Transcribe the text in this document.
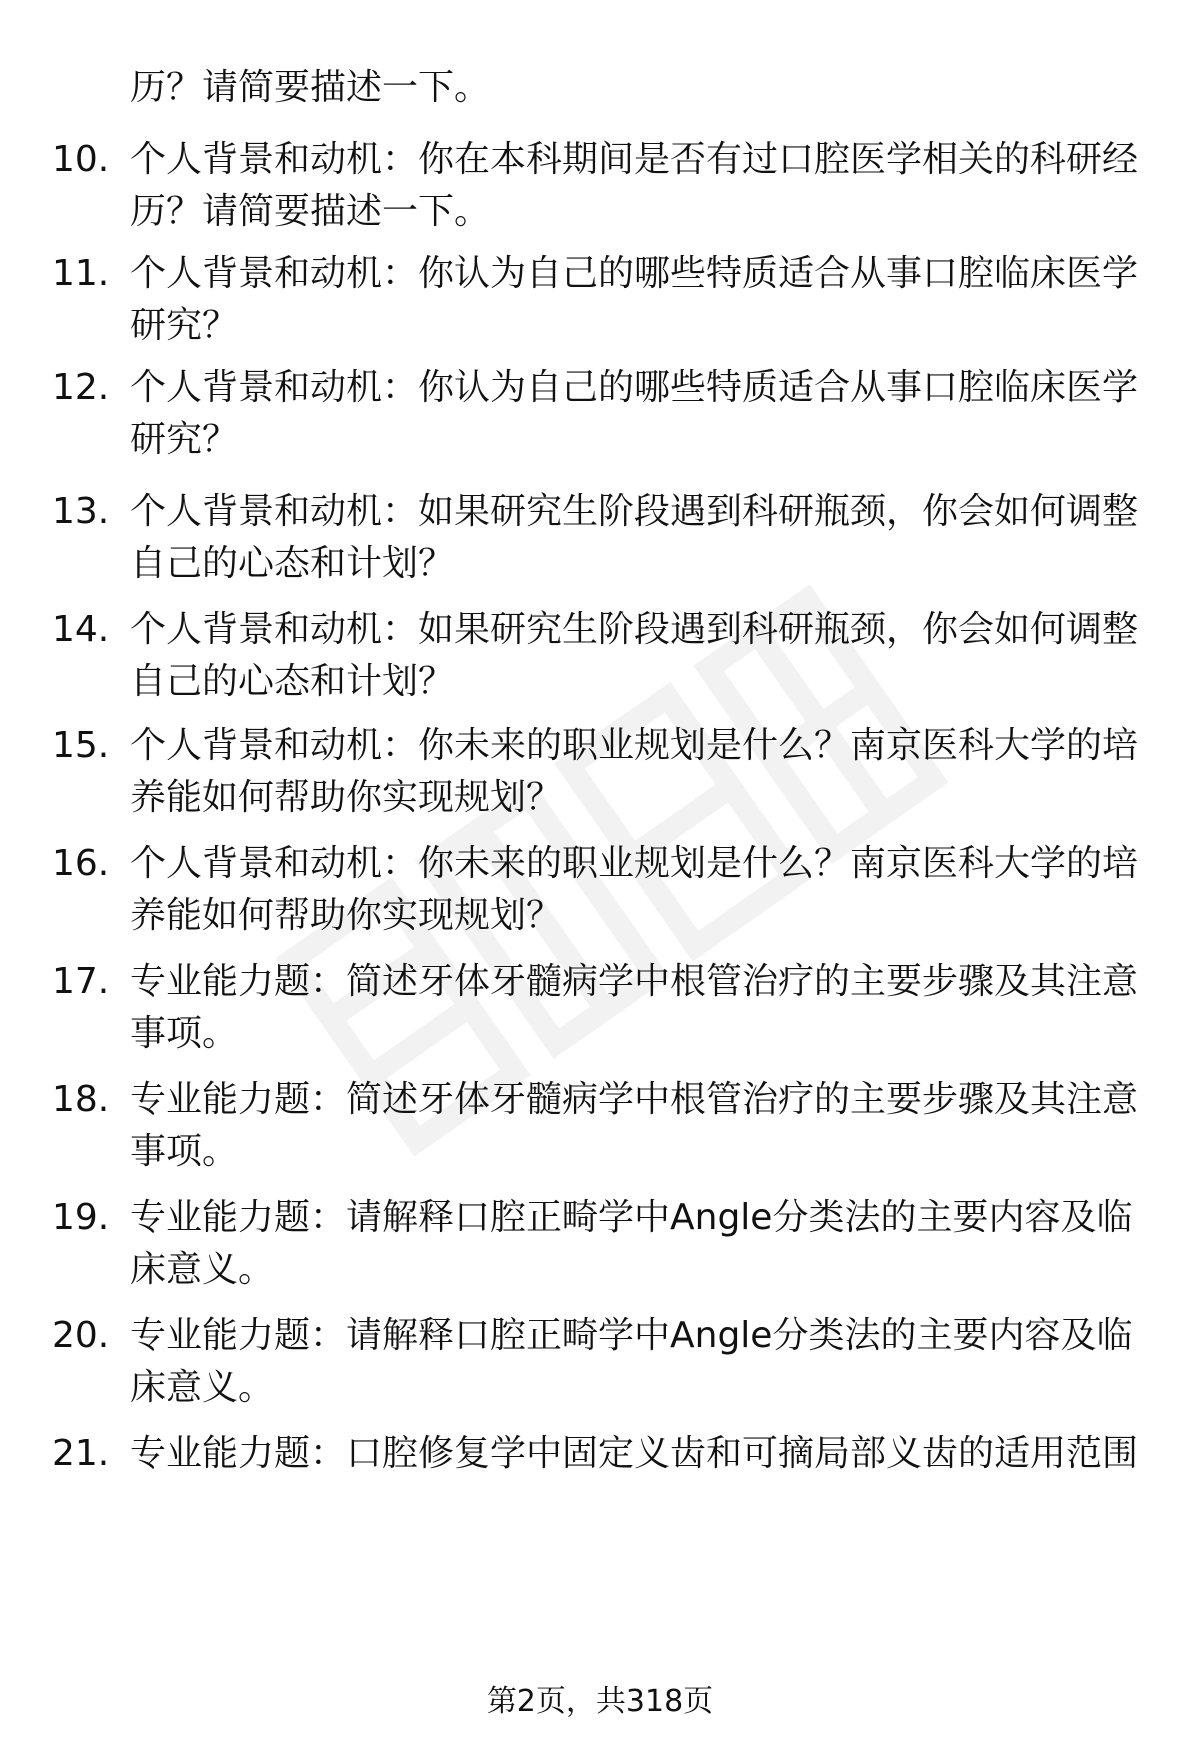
历？请简要描述一下。
10. 个人背景和动机：你在本科期间是否有过口腔医学相关的科研经历？请简要描述一下。
11. 个人背景和动机：你认为自己的哪些特质适合从事口腔临床医学研究？
12. 个人背景和动机：你认为自己的哪些特质适合从事口腔临床医学研究？
13. 个人背景和动机：如果研究生阶段遇到科研瓶颈，你会如何调整自己的心态和计划？
14. 个人背景和动机：如果研究生阶段遇到科研瓶颈，你会如何调整自己的心态和计划？
15. 个人背景和动机：你未来的职业规划是什么？南京医科大学的培养能如何帮助你实现规划？
16. 个人背景和动机：你未来的职业规划是什么？南京医科大学的培养能如何帮助你实现规划？
17. 专业能力题：简述牙体牙髓病学中根管治疗的主要步骤及其注意事项。
18. 专业能力题：简述牙体牙髓病学中根管治疗的主要步骤及其注意事项。
19. 专业能力题：请解释口腔正畸学中Angle分类法的主要内容及临床意义。
20. 专业能力题：请解释口腔正畸学中Angle分类法的主要内容及临床意义。
21. 专业能力题：口腔修复学中固定义齿和可摘局部义齿的适用范围
第2页，共318页
